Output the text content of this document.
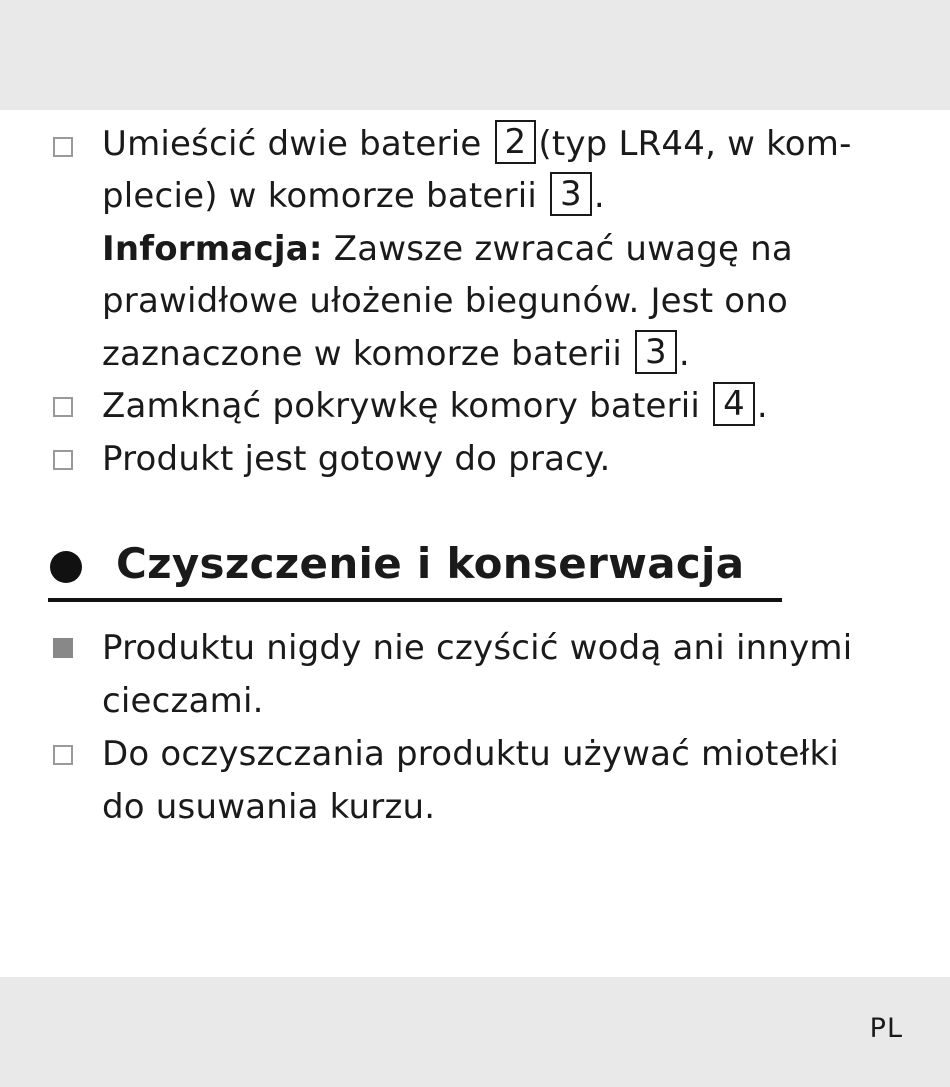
Umieścić dwie baterie 2 (typ LR44, w kom-
plecie) w komorze baterii 3 .
Informacja: Zawsze zwracać uwagę na
prawidłowe ułożenie biegunów. Jest ono
zaznaczone w komorze baterii 3 .
Zamknąć pokrywkę komory baterii 4 .
Produkt jest gotowy do pracy.
Czyszczenie i konserwacja
Produktu nigdy nie czyścić wodą ani innymi cieczami.
Do oczyszczania produktu używać miotełki do usuwania kurzu.
PL
